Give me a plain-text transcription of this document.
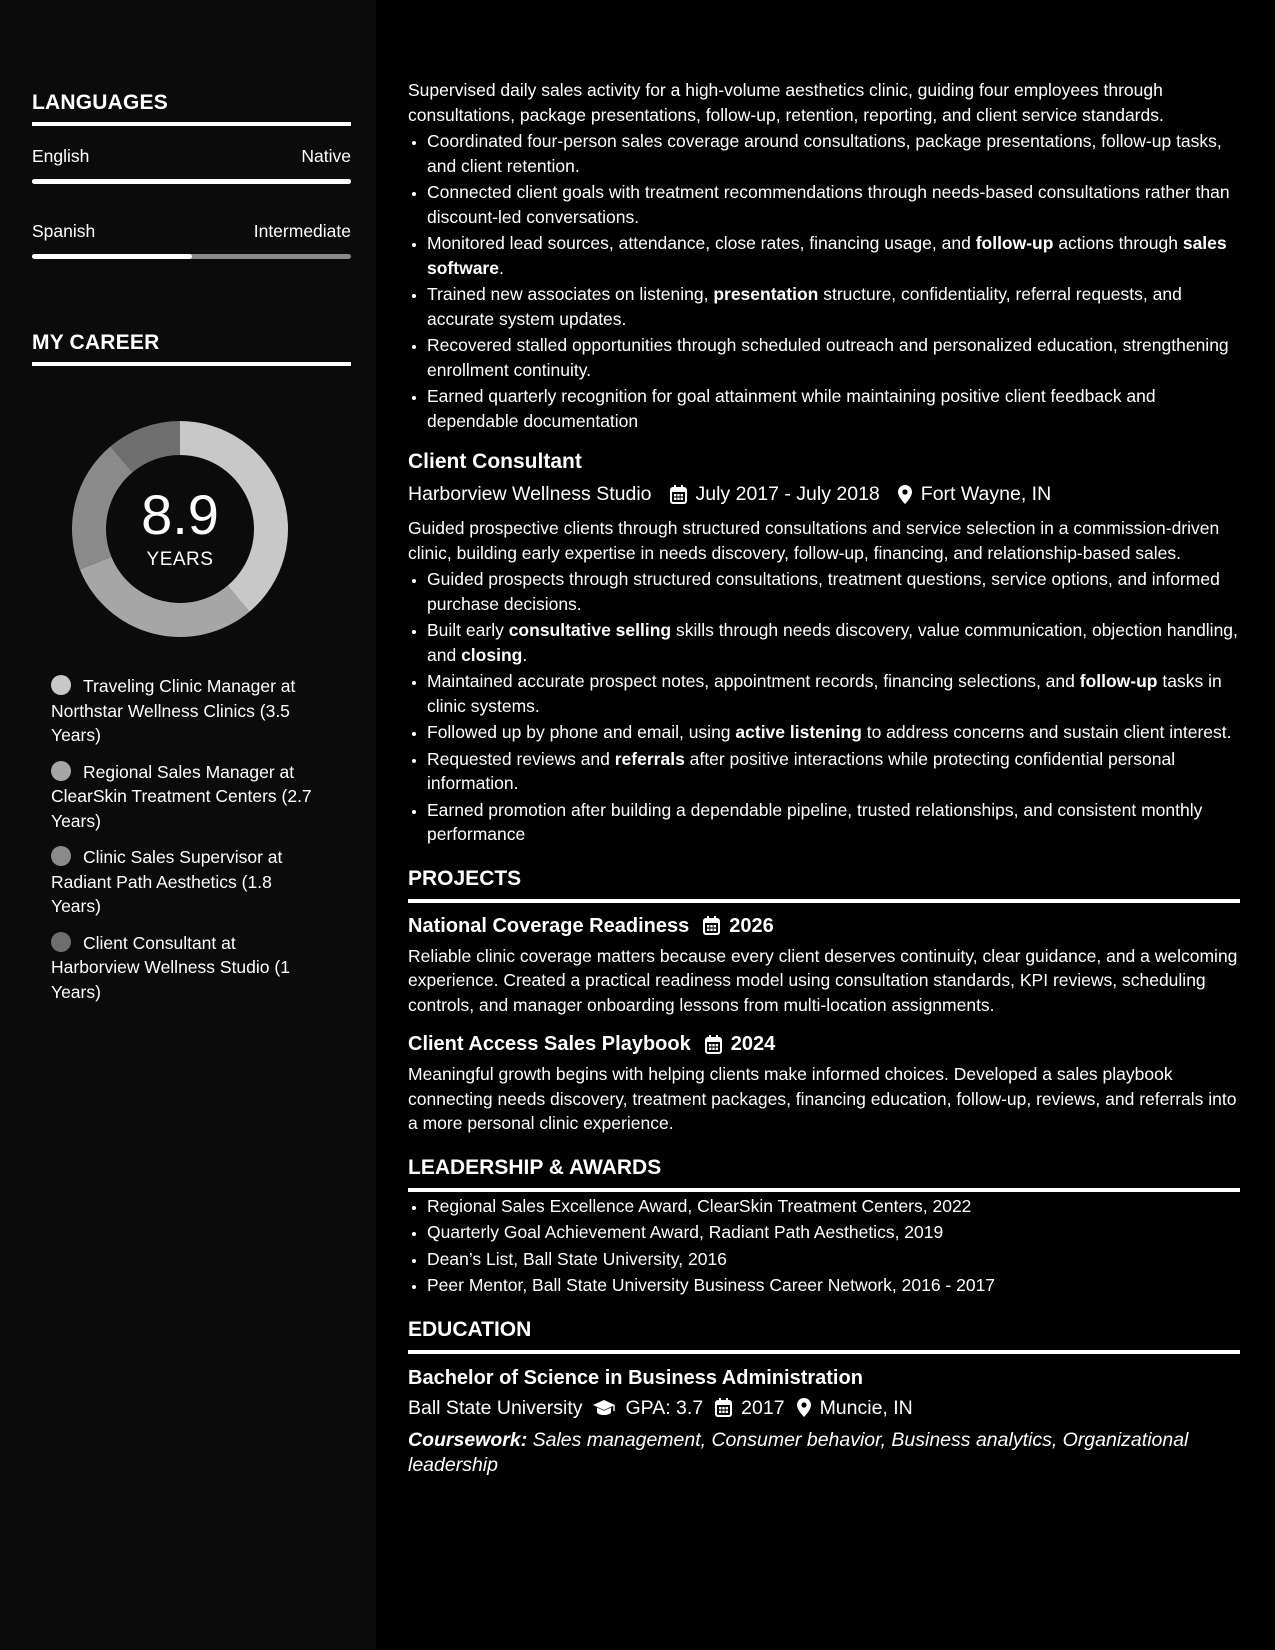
LANGUAGES
English	Native
Spanish	Intermediate
MY CAREER
8.9
YEARS
Traveling Clinic Manager at Northstar Wellness Clinics (3.5 Years)
Regional Sales Manager at ClearSkin Treatment Centers (2.7 Years)
Clinic Sales Supervisor at Radiant Path Aesthetics (1.8 Years)
Client Consultant at Harborview Wellness Studio (1 Years)

Supervised daily sales activity for a high-volume aesthetics clinic, guiding four employees through consultations, package presentations, follow-up, retention, reporting, and client service standards.

• Coordinated four-person sales coverage around consultations, package presentations, follow-up tasks, and client retention.
• Connected client goals with treatment recommendations through needs-based consultations rather than discount-led conversations.
• Monitored lead sources, attendance, close rates, financing usage, and follow-up actions through sales software.
• Trained new associates on listening, presentation structure, confidentiality, referral requests, and accurate system updates.
• Recovered stalled opportunities through scheduled outreach and personalized education, strengthening enrollment continuity.
• Earned quarterly recognition for goal attainment while maintaining positive client feedback and dependable documentation
Client Consultant
Harborview Wellness Studio July 2017 - July 2018 Fort Wayne, IN

Guided prospective clients through structured consultations and service selection in a commission-driven clinic, building early expertise in needs discovery, follow-up, financing, and relationship-based sales.

• Guided prospects through structured consultations, treatment questions, service options, and informed purchase decisions.
• Built early consultative selling skills through needs discovery, value communication, objection handling, and closing.
• Maintained accurate prospect notes, appointment records, financing selections, and follow-up tasks in clinic systems.
• Followed up by phone and email, using active listening to address concerns and sustain client interest.
• Requested reviews and referrals after positive interactions while protecting confidential personal information.
• Earned promotion after building a dependable pipeline, trusted relationships, and consistent monthly performance
PROJECTS
National Coverage Readiness 2026

Reliable clinic coverage matters because every client deserves continuity, clear guidance, and a welcoming experience. Created a practical readiness model using consultation standards, KPI reviews, scheduling controls, and manager onboarding lessons from multi-location assignments.

Client Access Sales Playbook 2024

Meaningful growth begins with helping clients make informed choices. Developed a sales playbook connecting needs discovery, treatment packages, financing education, follow-up, reviews, and referrals into a more personal clinic experience.

LEADERSHIP & AWARDS
• Regional Sales Excellence Award, ClearSkin Treatment Centers, 2022
• Quarterly Goal Achievement Award, Radiant Path Aesthetics, 2019
• Dean’s List, Ball State University, 2016
• Peer Mentor, Ball State University Business Career Network, 2016 - 2017
EDUCATION
Bachelor of Science in Business Administration
Ball State University GPA: 3.7 2017 Muncie, IN
Coursework: Sales management, Consumer behavior, Business analytics, Organizational leadership
